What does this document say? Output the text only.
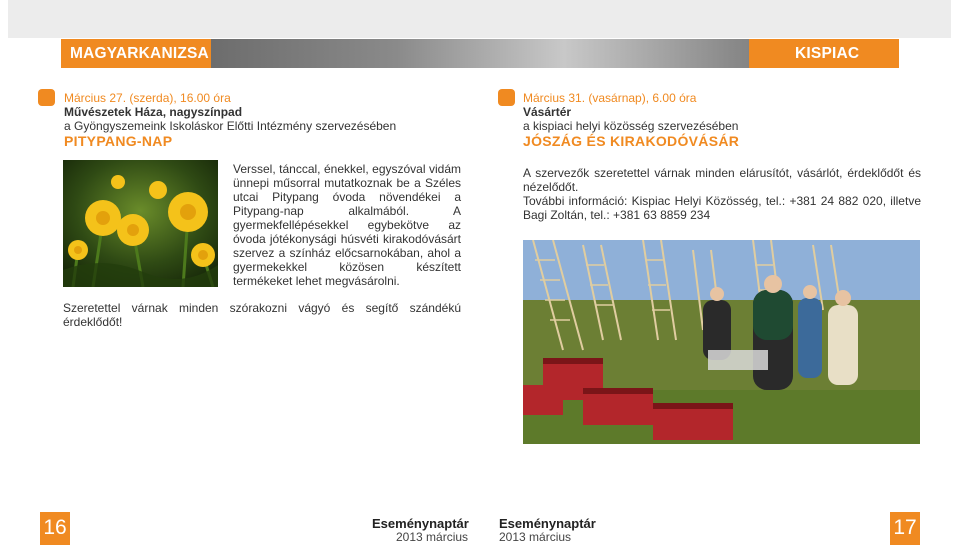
MAGYARKANIZSA	KISPIAC
Március 27. (szerda), 16.00 óra
Művészetek Háza, nagyszínpad
a Gyöngyszemeink Iskoláskor Előtti Intézmény szervezésében
PITYPANG-NAP
Verssel, tánccal, énekkel, egyszóval vidám ünnepi műsorral mutatkoznak be a Széles utcai Pitypang óvoda növendékei a Pitypang-nap alkalmából. A gyermekfellépésekkel egybekötve az óvoda jótékonysági húsvéti kirakodóvásárt szervez a színház előcsarnokában, ahol a gyermekekkel közösen készített termékeket lehet megvásárolni.
Szeretettel várnak minden szórakozni vágyó és segítő szándékú érdeklődőt!
Március 31. (vasárnap), 6.00 óra
Vásártér
a kispiaci helyi közösség szervezésében
JÓSZÁG ÉS KIRAKODÓVÁSÁR
A szervezők szeretettel várnak minden elárusítót, vásárlót, érdeklődőt és nézelődőt.
További információ: Kispiac Helyi Közösség, tel.: +381 24 882 020, illetve Bagi Zoltán, tel.: +381 63 8859 234
16	Eseménynaptár
2013 március
Eseménynaptár
2013 március	17
